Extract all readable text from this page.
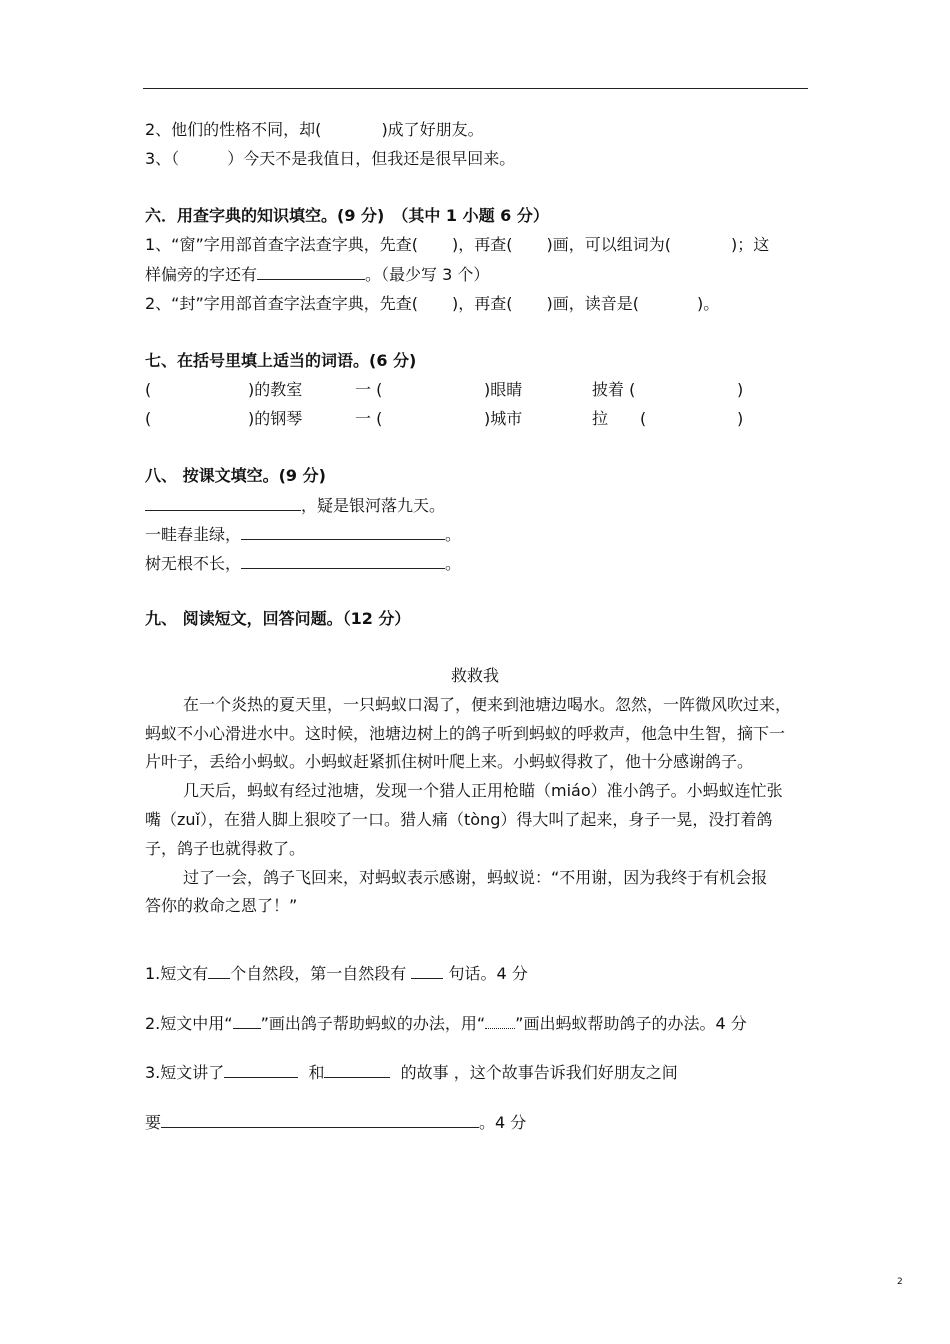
2、他们的性格不同，却(	)成了好朋友。
3、（	）今天不是我值日，但我还是很早回来。
六．用查字典的知识填空。(9 分)　（其中 1 小题 6 分）
1、“窗”字用部首查字法查字典，先查( )，再查( )画，可以组词为(	)；这
样偏旁的字还有	。（最少写 3 个）
2、“封”字用部首查字法查字典，先查( )，再查( )画，读音是(	)。
七、在括号里填上适当的词语。(6 分)
(	)的教室	一 (	)眼睛	披着 (	)
(	)的钢琴	一 (	)城市	拉 (	)
八、 按课文填空。(9 分)
，疑是银河落九天。
一畦春韭绿，	。
树无根不长，	。
九、 阅读短文，回答问题。（12 分）
救救我
在一个炎热的夏天里，一只蚂蚁口渴了，便来到池塘边喝水。忽然，一阵微风吹过来，
蚂蚁不小心滑进水中。这时候，池塘边树上的鸽子听到蚂蚁的呼救声，他急中生智，摘下一
片叶子，丢给小蚂蚁。小蚂蚁赶紧抓住树叶爬上来。小蚂蚁得救了，他十分感谢鸽子。
几天后，蚂蚁有经过池塘，发现一个猎人正用枪瞄（miáo）准小鸽子。小蚂蚁连忙张
嘴（zuǐ），在猎人脚上狠咬了一口。猎人痛（tòng）得大叫了起来，身子一晃，没打着鸽
子，鸽子也就得救了。
过了一会，鸽子飞回来，对蚂蚁表示感谢，蚂蚁说：“不用谢，因为我终于有机会报
答你的救命之恩了！”
1.短文有 个自然段，第一自然段有	句话。4 分
2.短文中用“ ”画出鸽子帮助蚂蚁的办法，用“ ”画出蚂蚁帮助鸽子的办法。4 分
3.短文讲了	和	的故事 ，这个故事告诉我们好朋友之间
要	。4 分
2
